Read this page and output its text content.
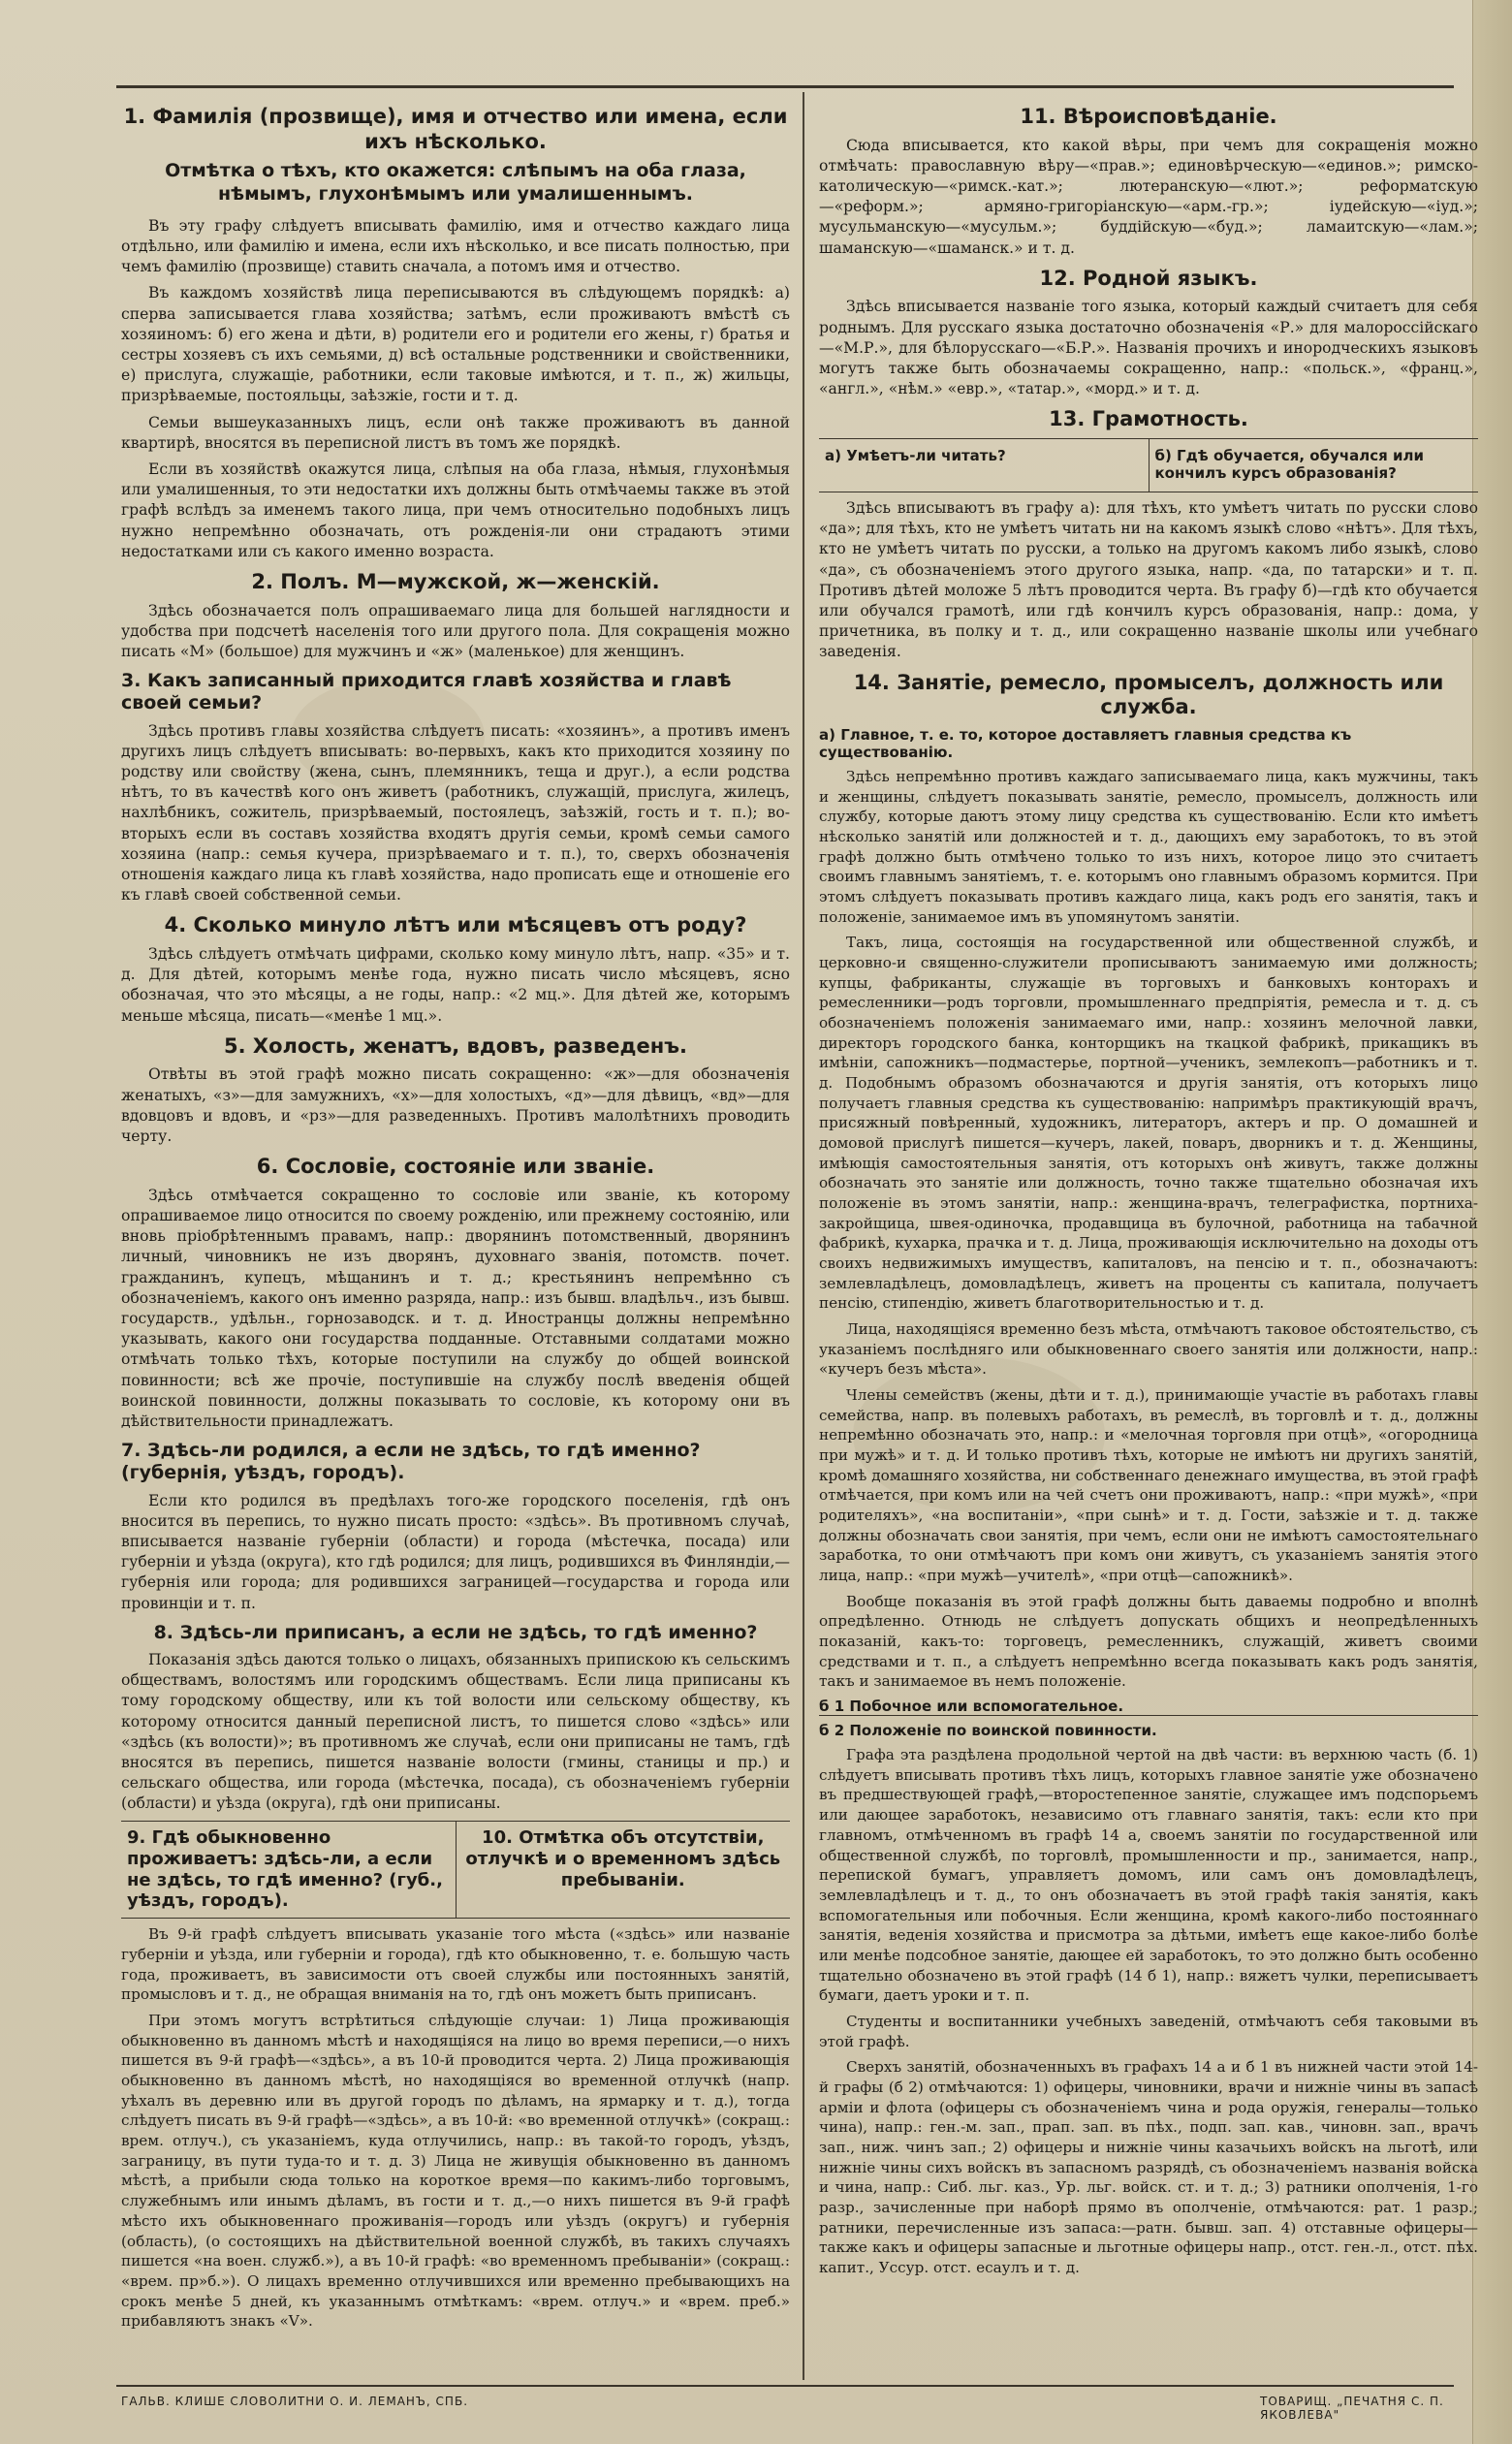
1. Фамилія (прозвище), имя и отчество или имена, если ихъ нѣсколько.
Отмѣтка о тѣхъ, кто окажется: слѣпымъ на оба глаза, нѣмымъ, глухонѣмымъ или умалишеннымъ.

Въ эту графу слѣдуетъ вписывать фамилію, имя и отчество каждаго лица отдѣльно, или фамилію и имена, если ихъ нѣсколько, и все писать полностью, при чемъ фамилію (прозвище) ставить сначала, а потомъ имя и отчество.

Въ каждомъ хозяйствѣ лица переписываются въ слѣдующемъ порядкѣ: а) сперва записывается глава хозяйства; затѣмъ, если проживаютъ вмѣстѣ съ хозяиномъ: б) его жена и дѣти, в) родители его и родители его жены, г) братья и сестры хозяевъ съ ихъ семьями, д) всѣ остальные родственники и свойственники, е) прислуга, служащіе, работники, если таковые имѣются, и т. п., ж) жильцы, призрѣваемые, постояльцы, заѣзжіе, гости и т. д.

Семьи вышеуказанныхъ лицъ, если онѣ также проживаютъ въ данной квартирѣ, вносятся въ переписной листъ въ томъ же порядкѣ.

Если въ хозяйствѣ окажутся лица, слѣпыя на оба глаза, нѣмыя, глухонѣмыя или умалишенныя, то эти недостатки ихъ должны быть отмѣчаемы также въ этой графѣ вслѣдъ за именемъ такого лица, при чемъ относительно подобныхъ лицъ нужно непремѣнно обозначать, отъ рожденія-ли они страдаютъ этими недостатками или съ какого именно возраста.

2. Полъ. М—мужской, ж—женскій.

Здѣсь обозначается полъ опрашиваемаго лица для большей наглядности и удобства при подсчетѣ населенія того или другого пола. Для сокращенія можно писать «М» (большое) для мужчинъ и «ж» (маленькое) для женщинъ.

3. Какъ записанный приходится главѣ хозяйства и главѣ своей семьи?

Здѣсь противъ главы хозяйства слѣдуетъ писать: «хозяинъ», а противъ именъ другихъ лицъ слѣдуетъ вписывать: во-первыхъ, какъ кто приходится хозяину по родству или свойству (жена, сынъ, племянникъ, теща и друг.), а если родства нѣтъ, то въ качествѣ кого онъ живетъ (работникъ, служащій, прислуга, жилецъ, нахлѣбникъ, сожитель, призрѣваемый, постоялецъ, заѣзжій, гость и т. п.); во-вторыхъ если въ составъ хозяйства входятъ другія семьи, кромѣ семьи самого хозяина (напр.: семья кучера, призрѣваемаго и т. п.), то, сверхъ обозначенія отношенія каждаго лица къ главѣ хозяйства, надо прописать еще и отношеніе его къ главѣ своей собственной семьи.

4. Сколько минуло лѣтъ или мѣсяцевъ отъ роду?

Здѣсь слѣдуетъ отмѣчать цифрами, сколько кому минуло лѣтъ, напр. «35» и т. д. Для дѣтей, которымъ менѣе года, нужно писать число мѣсяцевъ, ясно обозначая, что это мѣсяцы, а не годы, напр.: «2 мц.». Для дѣтей же, которымъ меньше мѣсяца, писать—«менѣе 1 мц.».

5. Холость, женатъ, вдовъ, разведенъ.

Отвѣты въ этой графѣ можно писать сокращенно: «ж»—для обозначенія женатыхъ, «з»—для замужнихъ, «х»—для холостыхъ, «д»—для дѣвицъ, «вд»—для вдовцовъ и вдовъ, и «рз»—для разведенныхъ. Противъ малолѣтнихъ проводить черту.

6. Сословіе, состояніе или званіе.

Здѣсь отмѣчается сокращенно то сословіе или званіе, къ которому опрашиваемое лицо относится по своему рожденію, или прежнему состоянію, или вновь пріобрѣтеннымъ правамъ, напр.: дворянинъ потомственный, дворянинъ личный, чиновникъ не изъ дворянъ, духовнаго званія, потомств. почет. гражданинъ, купецъ, мѣщанинъ и т. д.; крестьянинъ непремѣнно съ обозначеніемъ, какого онъ именно разряда, напр.: изъ бывш. владѣльч., изъ бывш. государств., удѣльн., горнозаводск. и т. д. Иностранцы должны непремѣнно указывать, какого они государства подданные. Отставными солдатами можно отмѣчать только тѣхъ, которые поступили на службу до общей воинской повинности; всѣ же прочіе, поступившіе на службу послѣ введенія общей воинской повинности, должны показывать то сословіе, къ которому они въ дѣйствительности принадлежатъ.

7. Здѣсь-ли родился, а если не здѣсь, то гдѣ именно? (губернія, уѣздъ, городъ).

Если кто родился въ предѣлахъ того-же городского поселенія, гдѣ онъ вносится въ перепись, то нужно писать просто: «здѣсь». Въ противномъ случаѣ, вписывается названіе губерніи (области) и города (мѣстечка, посада) или губерніи и уѣзда (округа), кто гдѣ родился; для лицъ, родившихся въ Финляндіи,—губернія или города; для родившихся заграницей—государства и города или провинціи и т. п.

8. Здѣсь-ли приписанъ, а если не здѣсь, то гдѣ именно?

Показанія здѣсь даются только о лицахъ, обязанныхъ припискою къ сельскимъ обществамъ, волостямъ или городскимъ обществамъ. Если лица приписаны къ тому городскому обществу, или къ той волости или сельскому обществу, къ которому относится данный переписной листъ, то пишется слово «здѣсь» или «здѣсь (къ волости)»; въ противномъ же случаѣ, если они приписаны не тамъ, гдѣ вносятся въ перепись, пишется названіе волости (гмины, станицы и пр.) и сельскаго общества, или города (мѣстечка, посада), съ обозначеніемъ губерніи (области) и уѣзда (округа), гдѣ они приписаны.

9. Гдѣ обыкновенно проживаетъ: здѣсь-ли, а если не здѣсь, то гдѣ именно? (губ., уѣздъ, городъ).
10. Отмѣтка объ отсутствіи, отлучкѣ и о временномъ здѣсь пребываніи.

Въ 9-й графѣ слѣдуетъ вписывать указаніе того мѣста («здѣсь» или названіе губерніи и уѣзда, или губерніи и города), гдѣ кто обыкновенно, т. е. большую часть года, проживаетъ, въ зависимости отъ своей службы или постоянныхъ занятій, промысловъ и т. д., не обращая вниманія на то, гдѣ онъ можетъ быть приписанъ.

При этомъ могутъ встрѣтиться слѣдующіе случаи: 1) Лица проживающія обыкновенно въ данномъ мѣстѣ и находящіяся на лицо во время переписи,—о нихъ пишется въ 9-й графѣ—«здѣсь», а въ 10-й проводится черта. 2) Лица проживающія обыкновенно въ данномъ мѣстѣ, но находящіяся во временной отлучкѣ (напр. уѣхалъ въ деревню или въ другой городъ по дѣламъ, на ярмарку и т. д.), тогда слѣдуетъ писать въ 9-й графѣ—«здѣсь», а въ 10-й: «во временной отлучкѣ» (сокращ.: врем. отлуч.), съ указаніемъ, куда отлучились, напр.: въ такой-то городъ, уѣздъ, заграницу, въ пути туда-то и т. д. 3) Лица не живущія обыкновенно въ данномъ мѣстѣ, а прибыли сюда только на короткое время—по какимъ-либо торговымъ, служебнымъ или инымъ дѣламъ, въ гости и т. д.,—о нихъ пишется въ 9-й графѣ мѣсто ихъ обыкновеннаго проживанія—городъ или уѣздъ (округъ) и губернія (область), (о состоящихъ на дѣйствительной военной службѣ, въ такихъ случаяхъ пишется «на воен. служб.»), а въ 10-й графѣ: «во временномъ пребываніи» (сокращ.: «врем. пр»б.»). О лицахъ временно отлучившихся или временно пребывающихъ на срокъ менѣе 5 дней, къ указаннымъ отмѣткамъ: «врем. отлуч.» и «врем. преб.» прибавляютъ знакъ «V».

11. Вѣроисповѣданіе.

Сюда вписывается, кто какой вѣры, при чемъ для сокращенія можно отмѣчать: православную вѣру—«прав.»; единовѣрческую—«единов.»; римско-католическую—«римск.-кат.»; лютеранскую—«лют.»; реформатскую—«реформ.»; армяно-григоріанскую—«арм.-гр.»; іудейскую—«іуд.»; мусульманскую—«мусульм.»; буддійскую—«буд.»; ламаитскую—«лам.»; шаманскую—«шаманск.» и т. д.

12. Родной языкъ.

Здѣсь вписывается названіе того языка, который каждый считаетъ для себя роднымъ. Для русскаго языка достаточно обозначенія «Р.» для малороссійскаго—«М.Р.», для бѣлорусскаго—«Б.Р.». Названія прочихъ и инородческихъ языковъ могутъ также быть обозначаемы сокращенно, напр.: «польск.», «франц.», «англ.», «нѣм.» «евр.», «татар.», «морд.» и т. д.

13. Грамотность.
а) Умѣетъ-ли читать?	б) Гдѣ обучается, обучался или кончилъ курсъ образованія?

Здѣсь вписываютъ въ графу а): для тѣхъ, кто умѣетъ читать по русски слово «да»; для тѣхъ, кто не умѣетъ читать ни на какомъ языкѣ слово «нѣтъ». Для тѣхъ, кто не умѣетъ читать по русски, а только на другомъ какомъ либо языкѣ, слово «да», съ обозначеніемъ этого другого языка, напр. «да, по татарски» и т. п. Противъ дѣтей моложе 5 лѣтъ проводится черта. Въ графу б)—гдѣ кто обучается или обучался грамотѣ, или гдѣ кончилъ курсъ образованія, напр.: дома, у причетника, въ полку и т. д., или сокращенно названіе школы или учебнаго заведенія.

14. Занятіе, ремесло, промыселъ, должность или служба.
а) Главное, т. е. то, которое доставляетъ главныя средства къ существованію.

Здѣсь непремѣнно противъ каждаго записываемаго лица, какъ мужчины, такъ и женщины, слѣдуетъ показывать занятіе, ремесло, промыселъ, должность или службу, которые даютъ этому лицу средства къ существованію. Если кто имѣетъ нѣсколько занятій или должностей и т. д., дающихъ ему заработокъ, то въ этой графѣ должно быть отмѣчено только то изъ нихъ, которое лицо это считаетъ своимъ главнымъ занятіемъ, т. е. которымъ оно главнымъ образомъ кормится. При этомъ слѣдуетъ показывать противъ каждаго лица, какъ родъ его занятія, такъ и положеніе, занимаемое имъ въ упомянутомъ занятіи.

Такъ, лица, состоящія на государственной или общественной службѣ, и церковно-и священно-служители прописываютъ занимаемую ими должность; купцы, фабриканты, служащіе въ торговыхъ и банковыхъ конторахъ и ремесленники—родъ торговли, промышленнаго предпріятія, ремесла и т. д. съ обозначеніемъ положенія занимаемаго ими, напр.: хозяинъ мелочной лавки, директоръ городского банка, конторщикъ на ткацкой фабрикѣ, прикащикъ въ имѣніи, сапожникъ—подмастерье, портной—ученикъ, землекопъ—работникъ и т. д. Подобнымъ образомъ обозначаются и другія занятія, отъ которыхъ лицо получаетъ главныя средства къ существованію: напримѣръ практикующій врачъ, присяжный повѣренный, художникъ, литераторъ, актеръ и пр. О домашней и домовой прислугѣ пишется—кучеръ, лакей, поваръ, дворникъ и т. д. Женщины, имѣющія самостоятельныя занятія, отъ которыхъ онѣ живутъ, также должны обозначать это занятіе или должность, точно также тщательно обозначая ихъ положеніе въ этомъ занятіи, напр.: женщина-врачъ, телеграфистка, портниха-закройщица, швея-одиночка, продавщица въ булочной, работница на табачной фабрикѣ, кухарка, прачка и т. д. Лица, проживающія исключительно на доходы отъ своихъ недвижимыхъ имуществъ, капиталовъ, на пенсію и т. п., обозначаютъ: землевладѣлецъ, домовладѣлецъ, живетъ на проценты съ капитала, получаетъ пенсію, стипендію, живетъ благотворительностью и т. д.

Лица, находящіяся временно безъ мѣста, отмѣчаютъ таковое обстоятельство, съ указаніемъ послѣдняго или обыкновеннаго своего занятія или должности, напр.: «кучеръ безъ мѣста».

Члены семействъ (жены, дѣти и т. д.), принимающіе участіе въ работахъ главы семейства, напр. въ полевыхъ работахъ, въ ремеслѣ, въ торговлѣ и т. д., должны непремѣнно обозначать это, напр.: и «мелочная торговля при отцѣ», «огородница при мужѣ» и т. д. И только противъ тѣхъ, которые не имѣютъ ни другихъ занятій, кромѣ домашняго хозяйства, ни собственнаго денежнаго имущества, въ этой графѣ отмѣчается, при комъ или на чей счетъ они проживаютъ, напр.: «при мужѣ», «при родителяхъ», «на воспитаніи», «при сынѣ» и т. д. Гости, заѣзжіе и т. д. также должны обозначать свои занятія, при чемъ, если они не имѣютъ самостоятельнаго заработка, то они отмѣчаютъ при комъ они живутъ, съ указаніемъ занятія этого лица, напр.: «при мужѣ—учителѣ», «при отцѣ—сапожникѣ».

Вообще показанія въ этой графѣ должны быть даваемы подробно и вполнѣ опредѣленно. Отнюдь не слѣдуетъ допускать общихъ и неопредѣленныхъ показаній, какъ-то: торговецъ, ремесленникъ, служащій, живетъ своими средствами и т. п., а слѣдуетъ непремѣнно всегда показывать какъ родъ занятія, такъ и занимаемое въ немъ положеніе.

б 1 Побочное или вспомогательное.
б 2 Положеніе по воинской повинности.

Графа эта раздѣлена продольной чертой на двѣ части: въ верхнюю часть (б. 1) слѣдуетъ вписывать противъ тѣхъ лицъ, которыхъ главное занятіе уже обозначено въ предшествующей графѣ,—второстепенное занятіе, служащее имъ подспорьемъ или дающее заработокъ, независимо отъ главнаго занятія, такъ: если кто при главномъ, отмѣченномъ въ графѣ 14 а, своемъ занятіи по государственной или общественной службѣ, по торговлѣ, промышленности и пр., занимается, напр., перепиской бумагъ, управляетъ домомъ, или самъ онъ домовладѣлецъ, землевладѣлецъ и т. д., то онъ обозначаетъ въ этой графѣ такія занятія, какъ вспомогательныя или побочныя. Если женщина, кромѣ какого-либо постояннаго занятія, веденія хозяйства и присмотра за дѣтьми, имѣетъ еще какое-либо болѣе или менѣе подсобное занятіе, дающее ей заработокъ, то это должно быть особенно тщательно обозначено въ этой графѣ (14 б 1), напр.: вяжетъ чулки, переписываетъ бумаги, даетъ уроки и т. п.

Студенты и воспитанники учебныхъ заведеній, отмѣчаютъ себя таковыми въ этой графѣ.

Сверхъ занятій, обозначенныхъ въ графахъ 14 а и б 1 въ нижней части этой 14-й графы (б 2) отмѣчаются: 1) офицеры, чиновники, врачи и нижніе чины въ запасѣ арміи и флота (офицеры съ обозначеніемъ чина и рода оружія, генералы—только чина), напр.: ген.-м. зап., прап. зап. въ пѣх., подп. зап. кав., чиновн. зап., врачъ зап., ниж. чинъ зап.; 2) офицеры и нижніе чины казачьихъ войскъ на льготѣ, или нижніе чины сихъ войскъ въ запасномъ разрядѣ, съ обозначеніемъ названія войска и чина, напр.: Сиб. льг. каз., Ур. льг. войск. ст. и т. д.; 3) ратники ополченія, 1-го разр., зачисленные при наборѣ прямо въ ополченіе, отмѣчаются: рат. 1 разр.; ратники, перечисленные изъ запаса:—ратн. бывш. зап. 4) отставные офицеры—также какъ и офицеры запасные и льготные офицеры напр., отст. ген.-л., отст. пѣх. капит., Уссур. отст. есаулъ и т. д.

ГАЛЬВ. КЛИШЕ СЛОВОЛИТНИ О. И. ЛЕМАНЪ, СПБ.	ТОВАРИЩ. „ПЕЧАТНЯ С. П. ЯКОВЛЕВА"
